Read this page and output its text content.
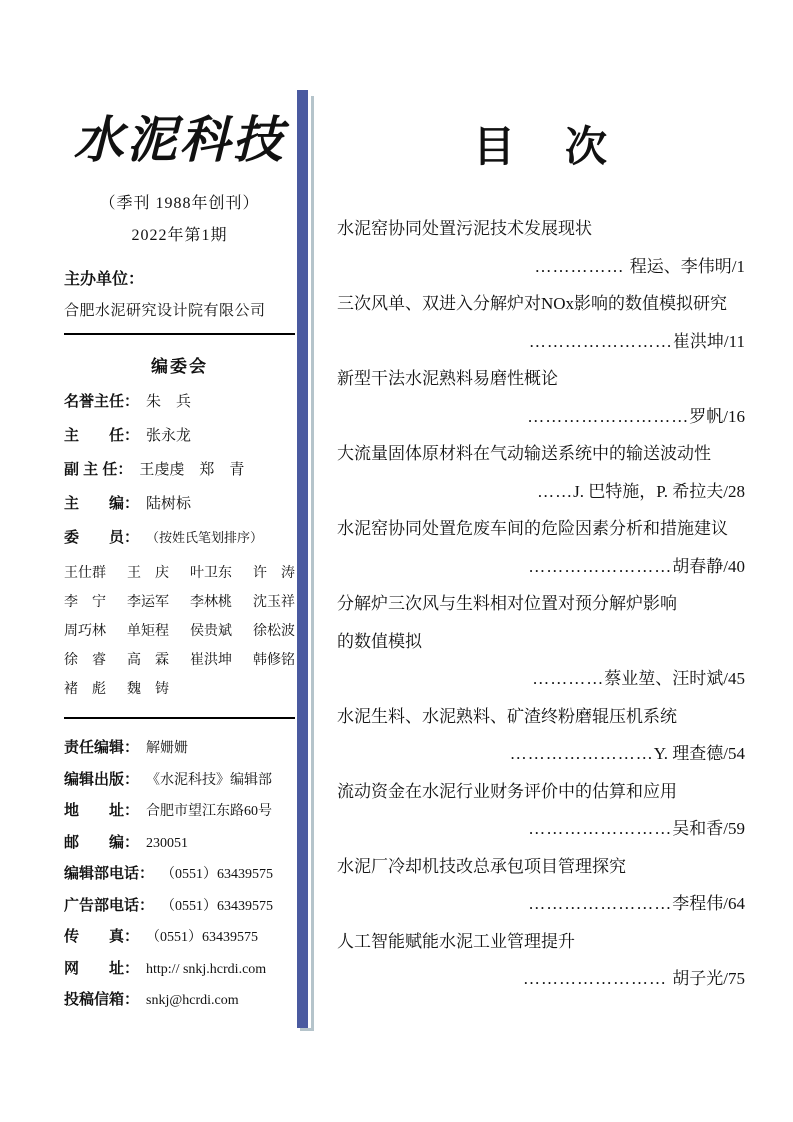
水泥科技
（季刊 1988年创刊）
2022年第1期
主办单位：
合肥水泥研究设计院有限公司
编委会
名誉主任： 朱　兵
主　　任： 张永龙
副 主 任： 王虔虔　郑　青
主　　编： 陆树标
委　　员： （按姓氏笔划排序）
王仕群 王　庆 叶卫东 许　涛
李　宁 李运军 李林桃 沈玉祥
周巧林 单矩程 侯贵斌 徐松波
徐　睿 高　霖 崔洪坤 韩修铭
褚　彪 魏　铸
责任编辑： 解姗姗
编辑出版： 《水泥科技》编辑部
地　　址： 合肥市望江东路60号
邮　　编： 230051
编辑部电话： （0551）63439575
广告部电话： （0551）63439575
传　　真： （0551）63439575
网　　址： http:// snkj.hcrdi.com
投稿信箱： snkj@hcrdi.com
目　次
水泥窑协同处置污泥技术发展现状
…………… 程运、李伟明/1
三次风单、双进入分解炉对NOx影响的数值模拟研究
……………………崔洪坤/11
新型干法水泥熟料易磨性概论
………………………罗帆/16
大流量固体原材料在气动输送系统中的输送波动性
……J. 巴特施，P. 希拉夫/28
水泥窑协同处置危废车间的危险因素分析和措施建议
……………………胡春静/40
分解炉三次风与生料相对位置对预分解炉影响
的数值模拟
…………蔡业堃、汪时斌/45
水泥生料、水泥熟料、矿渣终粉磨辊压机系统
……………………Y. 理查德/54
流动资金在水泥行业财务评价中的估算和应用
……………………吴和香/59
水泥厂冷却机技改总承包项目管理探究
……………………李程伟/64
人工智能赋能水泥工业管理提升
…………………… 胡子光/75
